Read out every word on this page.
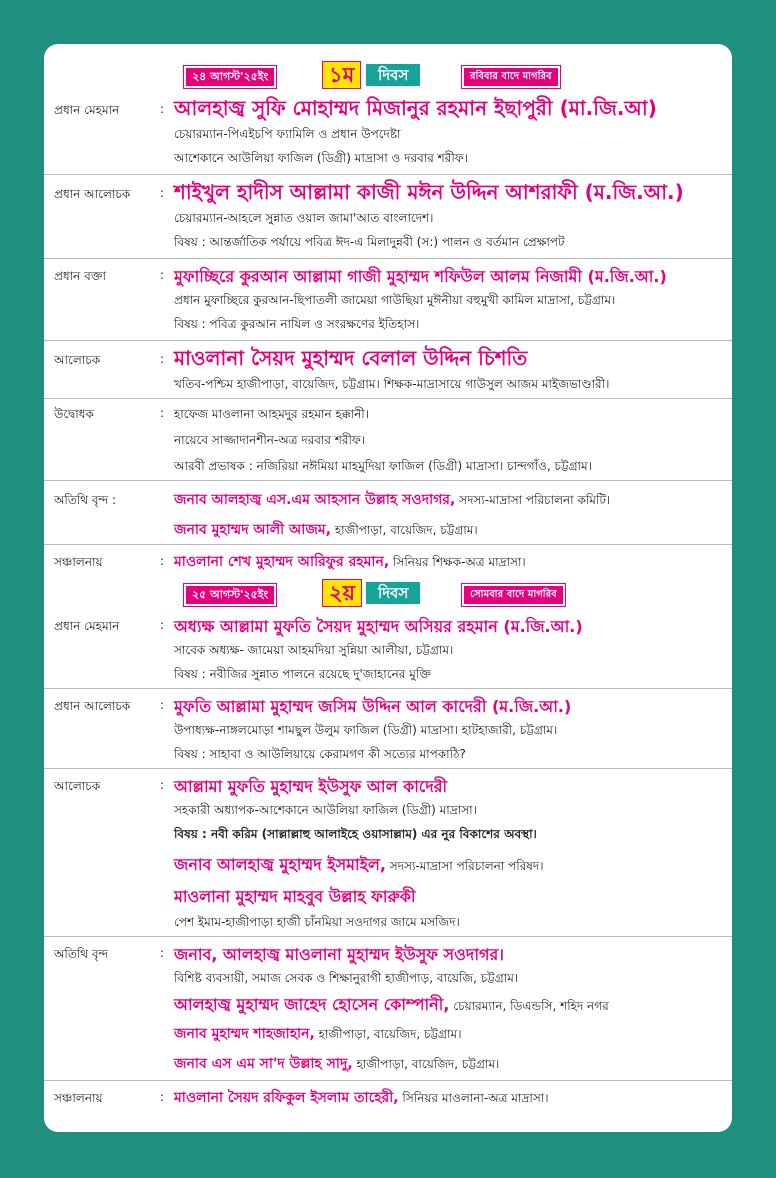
২৪ আগস্ট'২৫ইং	১ম	দিবস	রবিবার বাদে মাগরিব
প্রধান মেহমান	: আলহাজ্ব সুফি মোহাম্মদ মিজানুর রহমান ইছাপুরী (মা.জি.আ)
চেয়ারম্যান-পিএইচপি ফ্যামিলি ও প্রধান উপদেষ্টা
আশেকানে আউলিয়া ফাজিল (ডিগ্রী) মাদ্রাসা ও দরবার শরীফ।
প্রধান আলোচক : শাইখুল হাদীস আল্লামা কাজী মঈন উদ্দিন আশরাফী (ম.জি.আ.)
চেয়ারম্যান-আহলে সুন্নাত ওয়াল জামা'আত বাংলাদেশ।
বিষয় : আন্তর্জাতিক পর্যায়ে পবিত্র ঈদ-এ মিলাদুন্নবী (স:) পালন ও বর্তমান প্রেক্ষাপট
প্রধান বক্তা	: মুফাচ্ছিরে কুরআন আল্লামা গাজী মুহাম্মদ শফিউল আলম নিজামী (ম.জি.আ.)
প্রধান মুফাচ্ছিরে কুরআন-ছিপাতলী জামেয়া গাউছিয়া মুঈনীয়া বহুমুখী কামিল মাদ্রাসা, চট্টগ্রাম।
বিষয় : পবিত্র কুরআন নাযিল ও সংরক্ষণের ইতিহাস।
আলোচক	: মাওলানা সৈয়দ মুহাম্মদ বেলাল উদ্দিন চিশতি
খতিব-পশ্চিম হাজীপাড়া, বায়েজিদ, চট্টগ্রাম। শিক্ষক-মাদ্রাসায়ে গাউসুল আজম মাইজভাণ্ডারী।
উদ্বোধক	: হাফেজ মাওলানা আহমদুর রহমান হক্কানী।
নায়েবে সাজ্জাদানশীন-অত্র দরবার শরীফ।
আরবী প্রভাষক : নজিরিয়া নঈমিয়া মাহমুদিয়া ফাজিল (ডিগ্রী) মাদ্রাসা। চান্দগাঁও, চট্টগ্রাম।
অতিথি বৃন্দ :	জনাব আলহাজ্ব এস.এম আহসান উল্লাহ সওদাগর, সদস্য-মাদ্রাসা পরিচালনা কমিটি।
জনাব মুহাম্মদ আলী আজম, হাজীপাড়া, বায়েজিদ, চট্টগ্রাম।
সঞ্চালনায়	: মাওলানা শেখ মুহাম্মদ আরিফুর রহমান, সিনিয়র শিক্ষক-অত্র মাদ্রাসা।
২৫ আগস্ট'২৫ইং	২য়	দিবস	সোমবার বাদে মাগরিব
প্রধান মেহমান	: অধ্যক্ষ আল্লামা মুফতি সৈয়দ মুহাম্মদ অসিয়র রহমান (ম.জি.আ.)
সাবেক অধ্যক্ষ- জামেয়া আহমদিয়া সুন্নিয়া আলীয়া, চট্টগ্রাম।
বিষয় : নবীজির সুন্নাত পালনে রয়েছে দু'জাহানের মুক্তি
প্রধান আলোচক : মুফতি আল্লামা মুহাম্মদ জসিম উদ্দিন আল কাদেরী (ম.জি.আ.)
উপাধ্যক্ষ-নাঙ্গলমোড়া শামছুল উলুম ফাজিল (ডিগ্রী) মাদ্রাসা। হাটহাজারী, চট্টগ্রাম।
বিষয় : সাহাবা ও আউলিয়ায়ে কেরামগণ কী সত্যের মাপকাঠি?
আলোচক	: আল্লামা মুফতি মুহাম্মদ ইউসুফ আল কাদেরী
সহকারী অধ্যাপক-আশেকানে আউলিয়া ফাজিল (ডিগ্রী) মাদ্রাসা।
বিষয় : নবী করিম (সাল্লাল্লাহু আলাইহে ওয়াসাল্লাম) এর নুর বিকাশের অবস্থা।
জনাব আলহাজ্ব মুহাম্মদ ইসমাইল, সদস্য-মাদ্রাসা পরিচালনা পরিষদ।
মাওলানা মুহাম্মদ মাহবুব উল্লাহ ফারুকী
পেশ ইমাম-হাজীপাড়া হাজী চাঁনমিয়া সওদাগর জামে মসজিদ।
অতিথি বৃন্দ	: জনাব, আলহাজ্ব মাওলানা মুহাম্মদ ইউসুফ সওদাগর।
বিশিষ্ট ব্যবসায়ী, সমাজ সেবক ও শিক্ষানুরাগী হাজীপাড়, বায়েজি, চট্টগ্রাম।
আলহাজ্ব মুহাম্মদ জাহেদ হোসেন কোম্পানী, চেয়ারম্যান, ডিএন্ডসি, শহিদ নগর
জনাব মুহাম্মদ শাহজাহান, হাজীপাড়া, বায়েজিদ, চট্টগ্রাম।
জনাব এস এম সা'দ উল্লাহ সাদু, হাজীপাড়া, বায়েজিদ, চট্টগ্রাম।
সঞ্চালনায়	: মাওলানা সৈয়দ রফিকুল ইসলাম তাহেরী, সিনিয়র মাওলানা-অত্র মাদ্রাসা।
